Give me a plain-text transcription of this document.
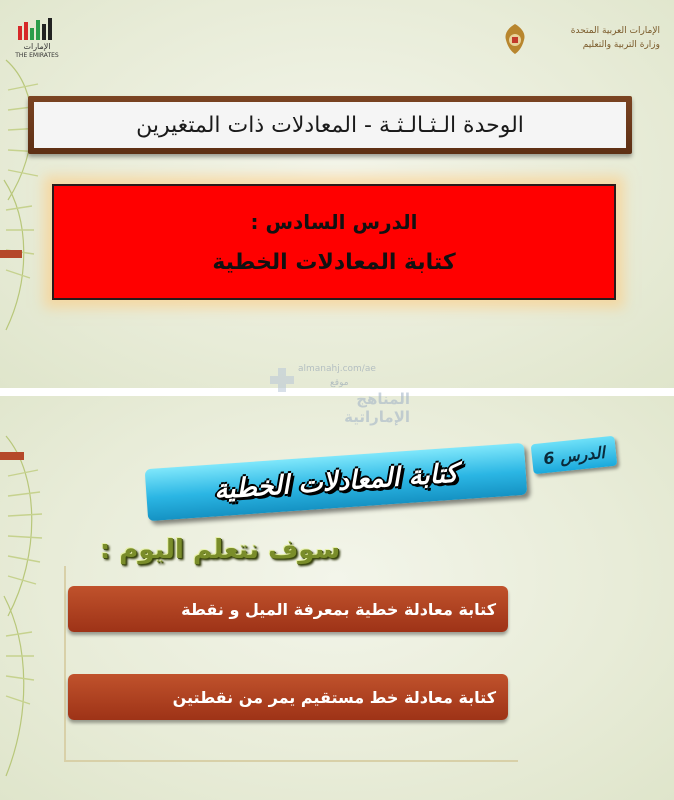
الإمارات
THE EMIRATES
الإمارات العربية المتحدة
وزارة التربية والتعليم
الوحدة الـثـالـثـة - المعادلات ذات المتغيرين
الدرس السادس :
كتابة المعادلات الخطية
almanahj.com/ae
موقع
المناهج الإماراتية
الدرس 6
كتابة المعادلات الخطية
سوف نتعلم اليوم :
كتابة معادلة خطية بمعرفة الميل و نقطة
كتابة معادلة خط مستقيم يمر من نقطتين
